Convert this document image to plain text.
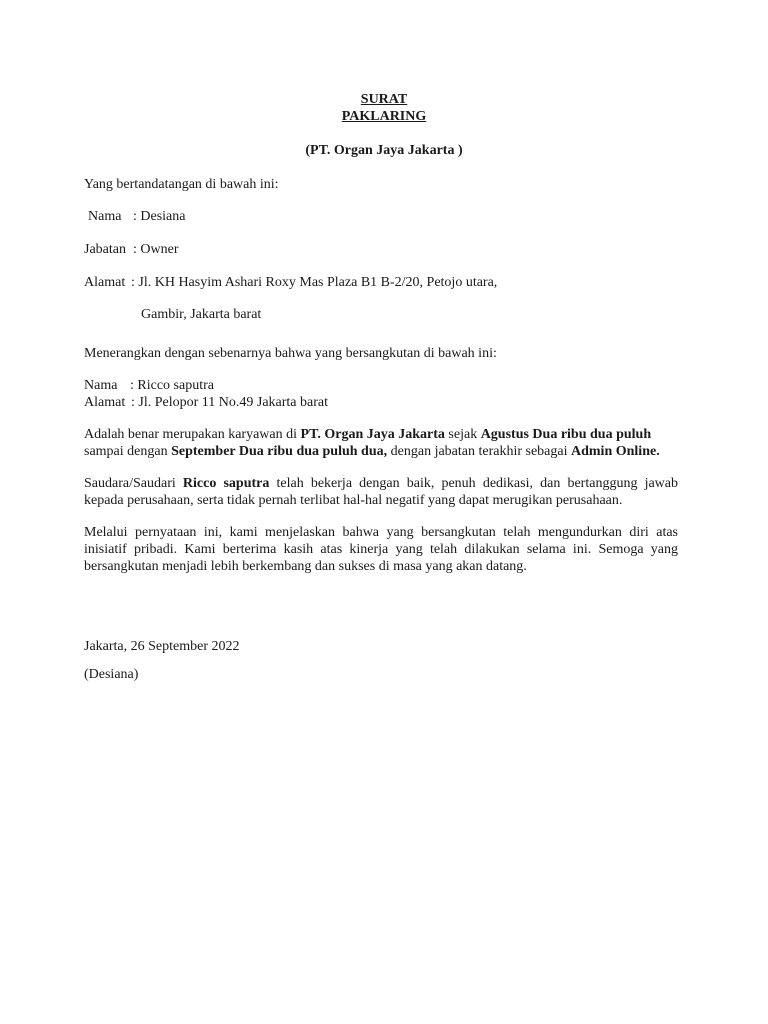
SURAT
PAKLARING
(PT. Organ Jaya Jakarta )
Yang bertandatangan di bawah ini:
Nama : Desiana
Jabatan : Owner
Alamat : Jl. KH Hasyim Ashari Roxy Mas Plaza B1 B-2/20, Petojo utara,
Gambir, Jakarta barat
Menerangkan dengan sebenarnya bahwa yang bersangkutan di bawah ini:
Nama : Ricco saputra
Alamat : Jl. Pelopor 11 No.49 Jakarta barat
Adalah benar merupakan karyawan di PT. Organ Jaya Jakarta sejak Agustus Dua ribu dua puluh
sampai dengan September Dua ribu dua puluh dua, dengan jabatan terakhir sebagai Admin Online.
Saudara/Saudari Ricco saputra telah bekerja dengan baik, penuh dedikasi, dan bertanggung jawab kepada perusahaan, serta tidak pernah terlibat hal-hal negatif yang dapat merugikan perusahaan.
Melalui pernyataan ini, kami menjelaskan bahwa yang bersangkutan telah mengundurkan diri atas inisiatif pribadi. Kami berterima kasih atas kinerja yang telah dilakukan selama ini. Semoga yang bersangkutan menjadi lebih berkembang dan sukses di masa yang akan datang.
Jakarta, 26 September 2022
(Desiana)
